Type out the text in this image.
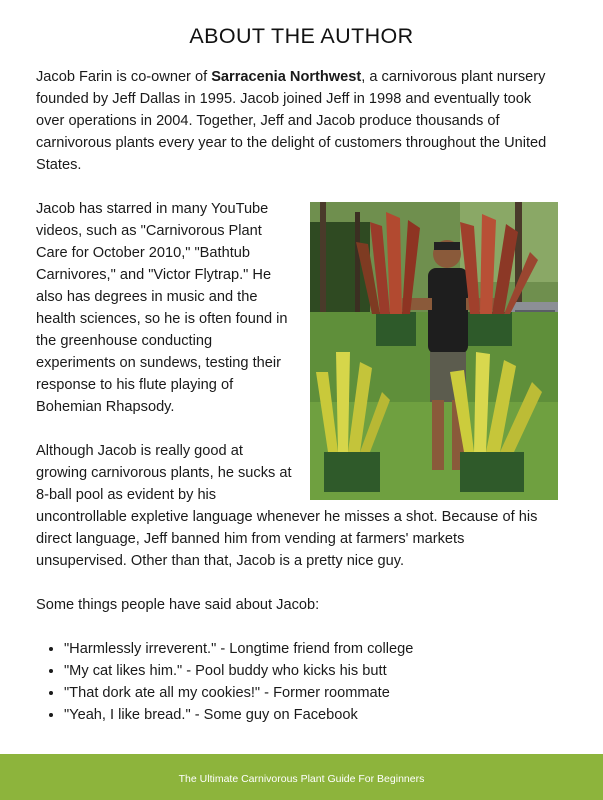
ABOUT THE AUTHOR

Jacob Farin is co-owner of Sarracenia Northwest, a carnivorous plant nursery founded by Jeff Dallas in 1995. Jacob joined Jeff in 1998 and eventually took over operations in 2004. Together, Jeff and Jacob produce thousands of carnivorous plants every year to the delight of customers throughout the United States.

Jacob has starred in many YouTube videos, such as "Carnivorous Plant Care for October 2010," "Bathtub Carnivores," and "Victor Flytrap." He also has degrees in music and the health sciences, so he is often found in the greenhouse conducting experiments on sundews, testing their response to his flute playing of Bohemian Rhapsody.

Although Jacob is really good at growing carnivorous plants, he sucks at 8-ball pool as evident by his uncontrollable expletive language whenever he misses a shot. Because of his direct language, Jeff banned him from vending at farmers' markets unsupervised. Other than that, Jacob is a pretty nice guy.

Some things people have said about Jacob:

• "Harmlessly irreverent." - Longtime friend from college
• "My cat likes him." - Pool buddy who kicks his butt
• "That dork ate all my cookies!" - Former roommate
• "Yeah, I like bread." - Some guy on Facebook
The Ultimate Carnivorous Plant Guide For Beginners
